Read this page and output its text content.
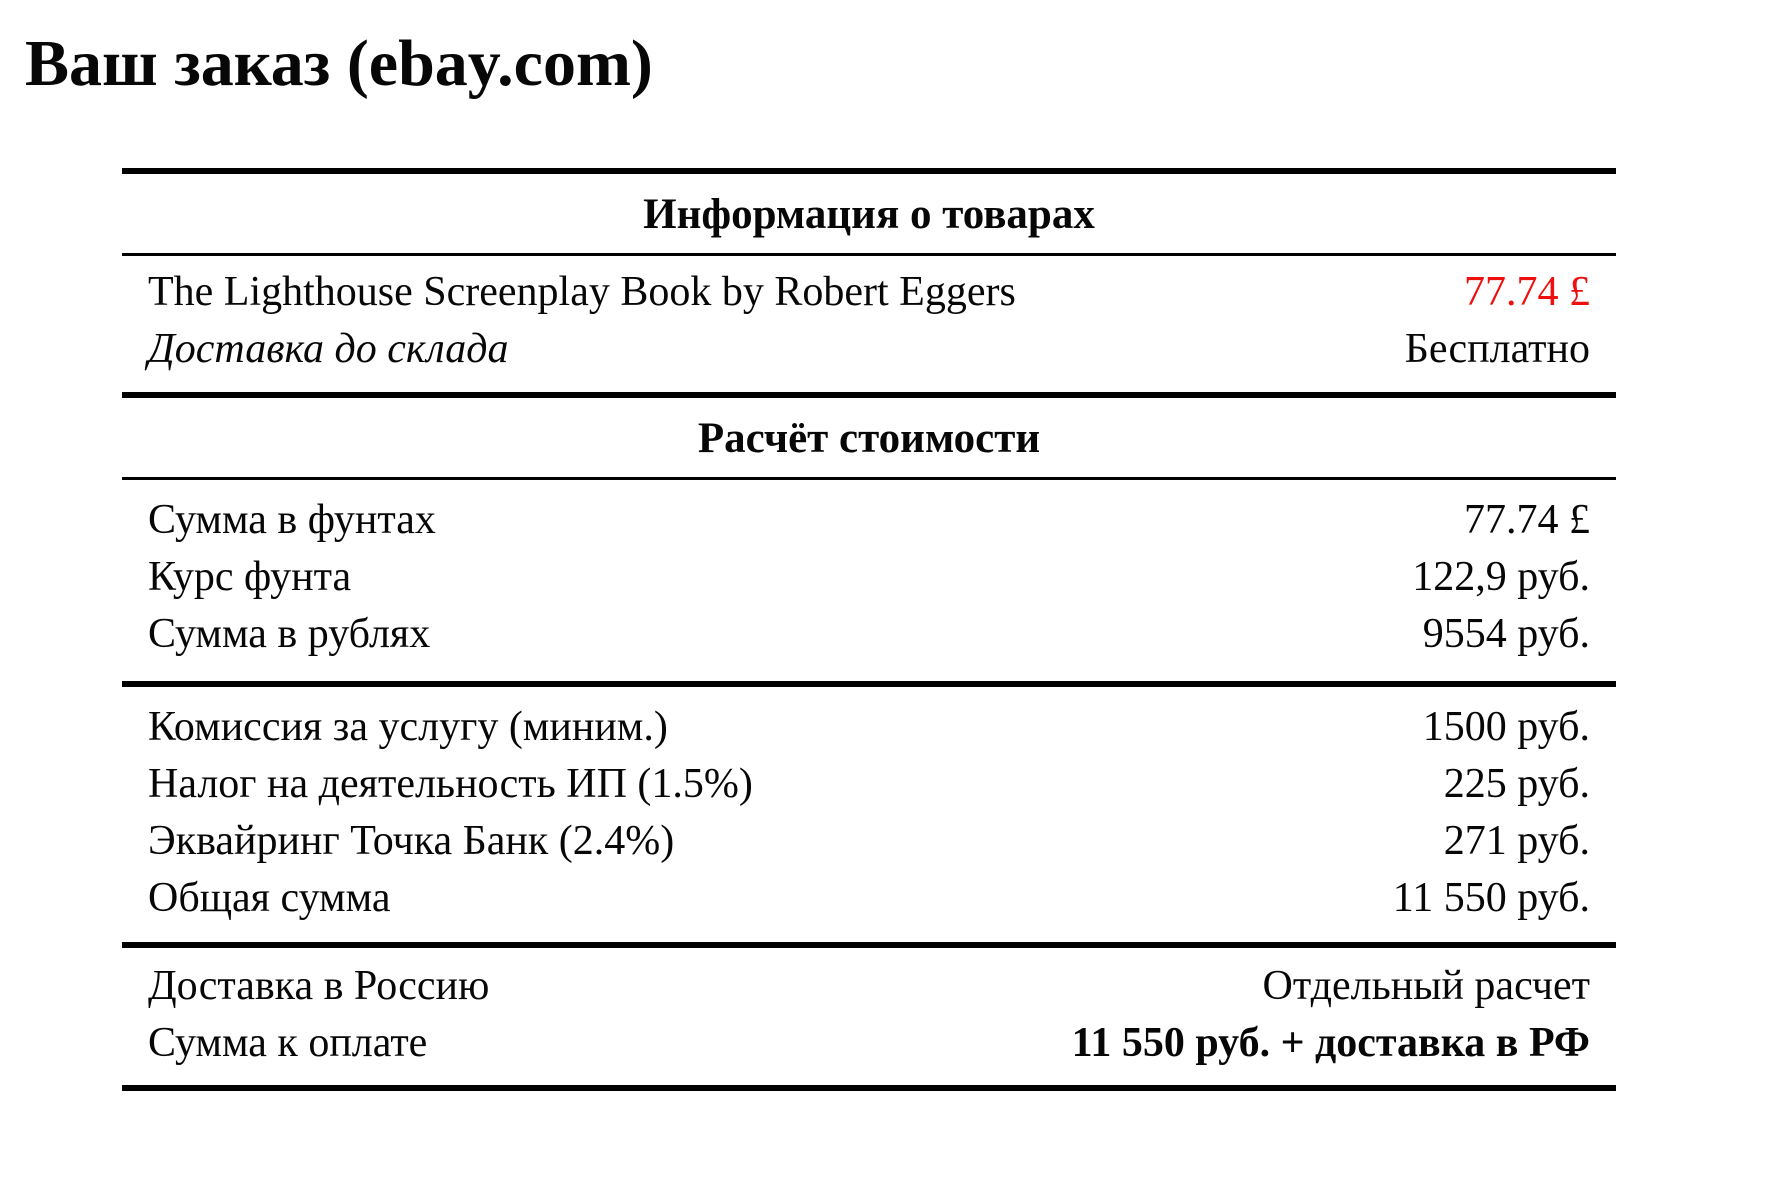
Ваш заказ (ebay.com)
Информация о товарах
The Lighthouse Screenplay Book by Robert Eggers	77.74 £
Доставка до склада	Бесплатно
Расчёт стоимости
Сумма в фунтах	77.74 £
Курс фунта	122,9 руб.
Сумма в рублях	9554 руб.
Комиссия за услугу (миним.)	1500 руб.
Налог на деятельность ИП (1.5%)	225 руб.
Эквайринг Точка Банк (2.4%)	271 руб.
Общая сумма	11 550 руб.
Доставка в Россию	Отдельный расчет
Сумма к оплате	11 550 руб. + доставка в РФ
